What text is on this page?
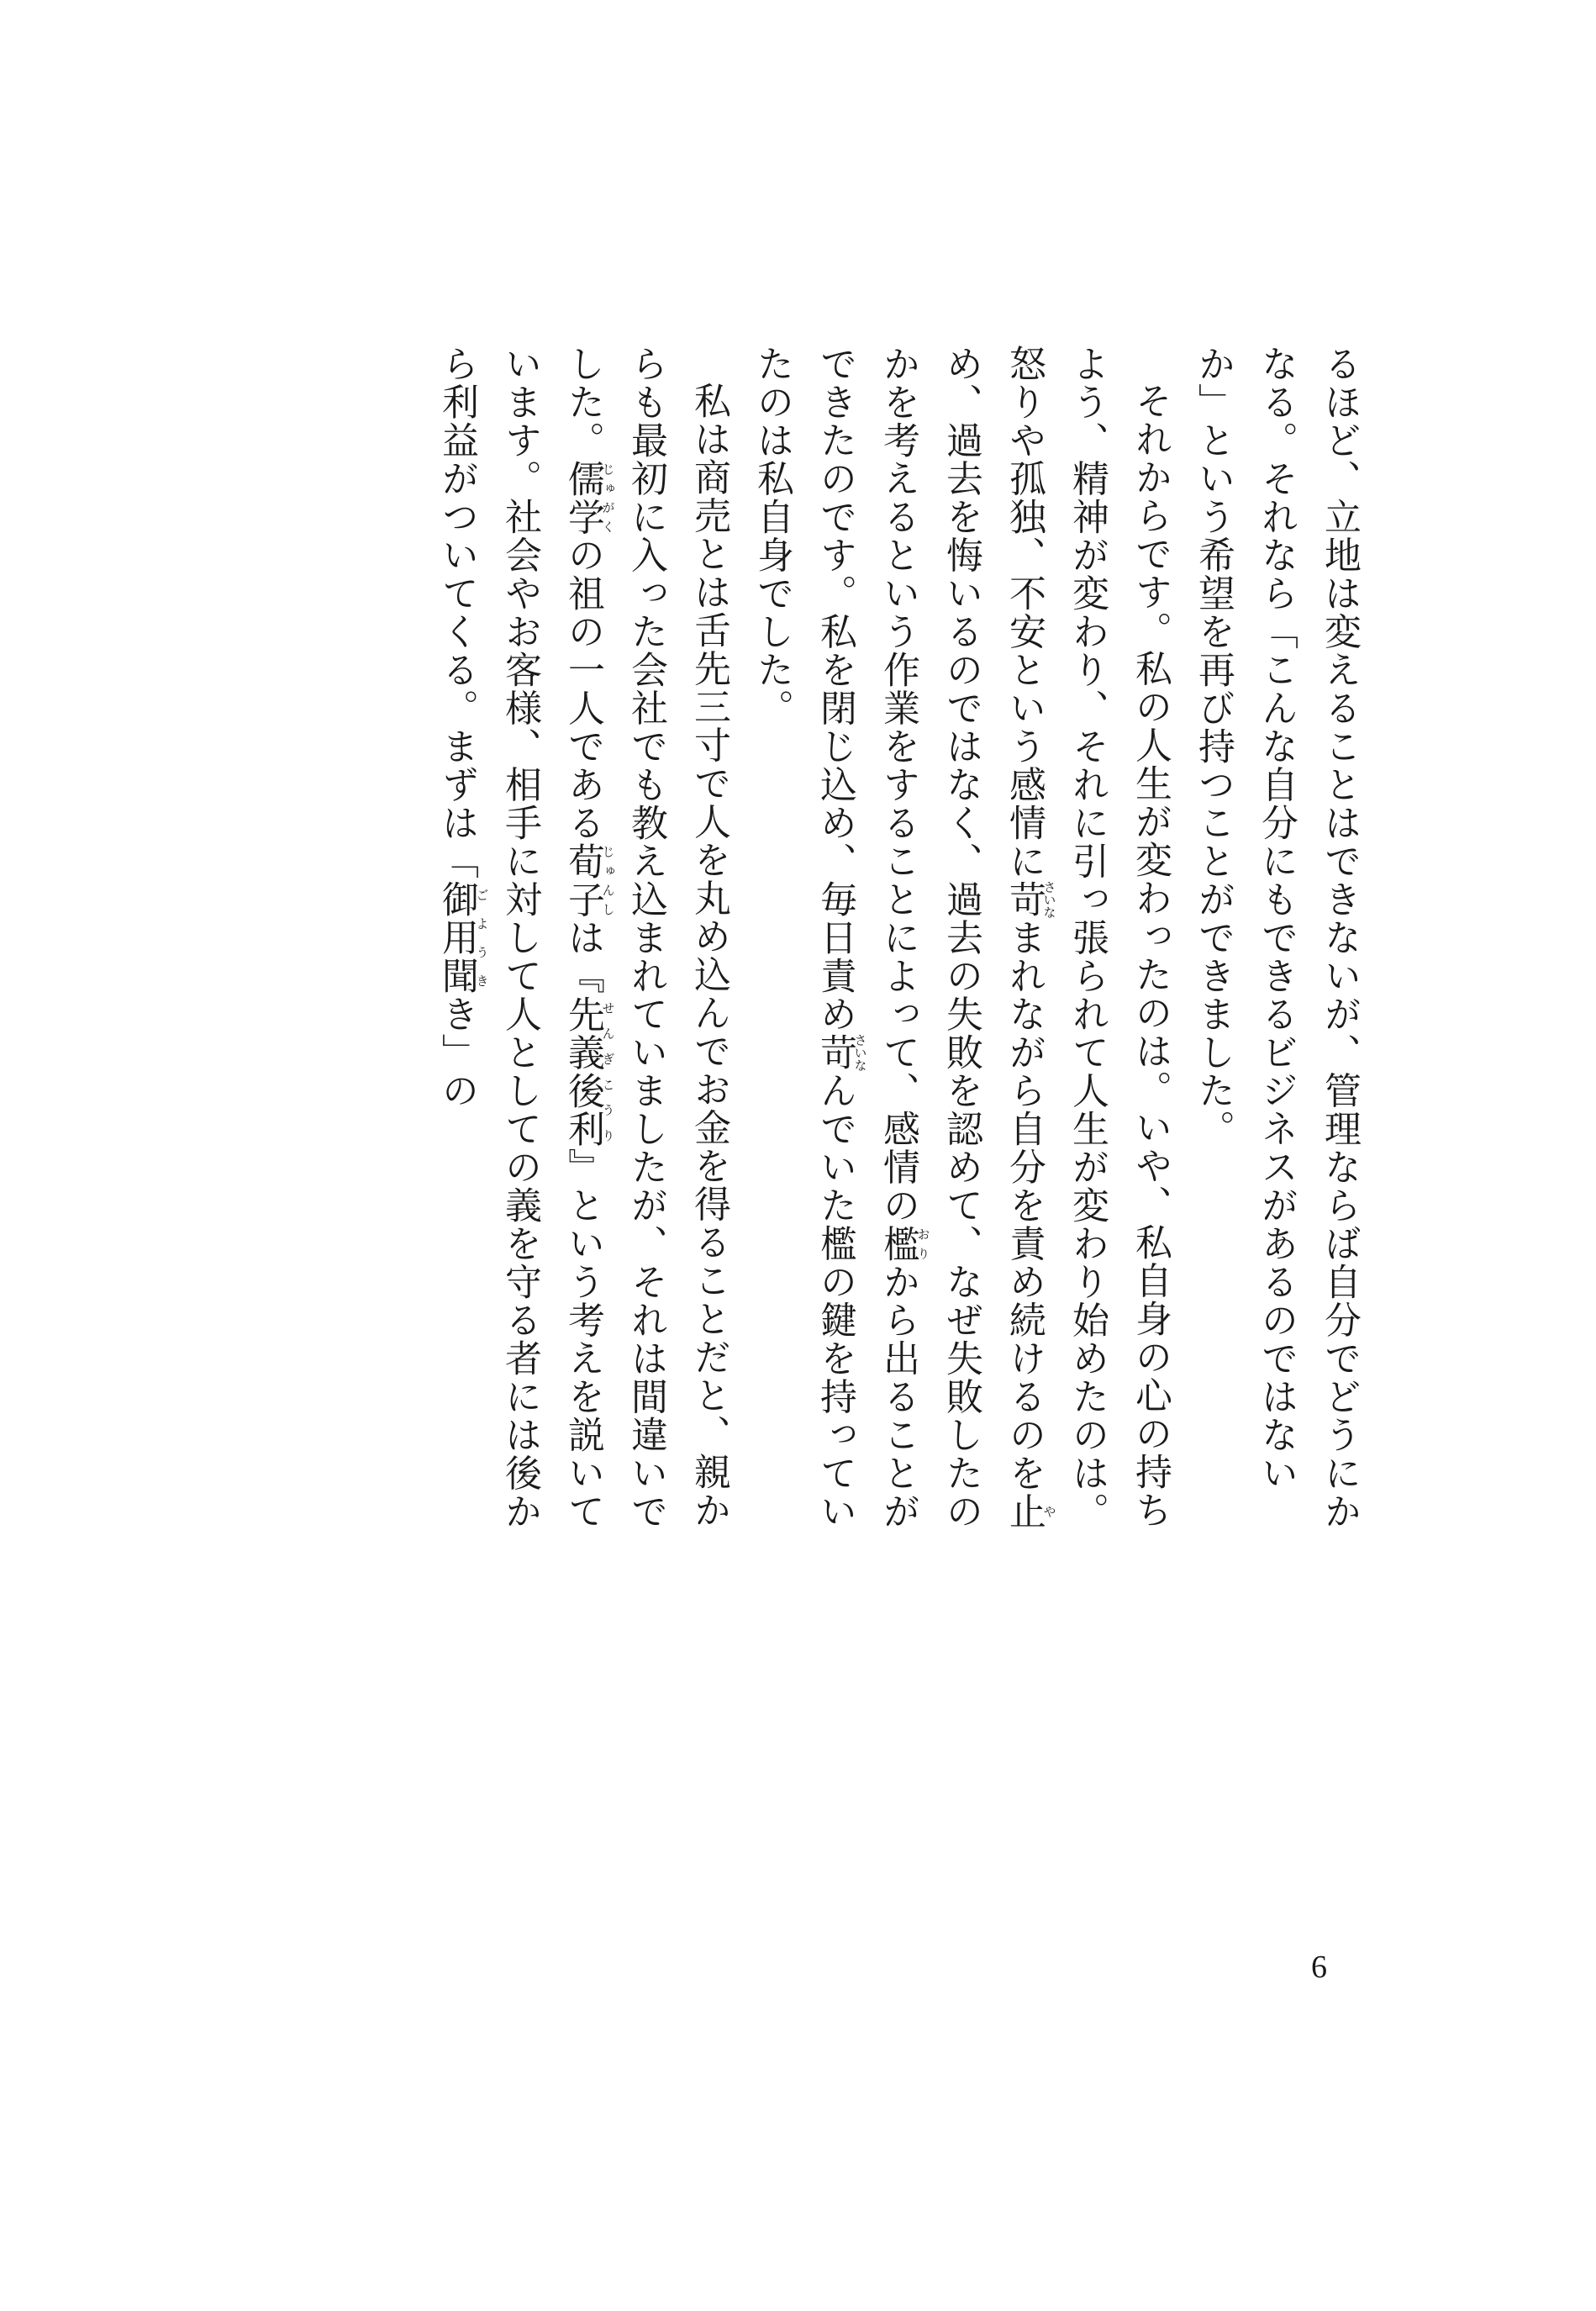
るほど、立地は変えることはできないが、管理ならば自分でどうにかなる。それなら「こんな自分にもできるビジネスがあるのではないか」という希望を再び持つことができました。

それからです。私の人生が変わったのは。いや、私自身の心の持ちよう、精神が変わり、それに引っ張られて人生が変わり始めたのは。怒りや孤独、不安という感情に苛さいなまれながら自分を責め続けるのを止やめ、過去を悔いるのではなく、過去の失敗を認めて、なぜ失敗したのかを考えるという作業をすることによって、感情の檻おりから出ることができたのです。私を閉じ込め、毎日責め苛さいなんでいた檻の鍵を持っていたのは私自身でした。

私は商売とは舌先三寸で人を丸め込んでお金を得ることだと、親からも最初に入った会社でも教え込まれていましたが、それは間違いでした。儒学じゅがくの祖の一人である荀子じゅんしは『先義後利せんぎこうり』という考えを説いています。社会やお客様、相手に対して人としての義を守る者には後から利益がついてくる。まずは「御用聞ごようきき」の

6
